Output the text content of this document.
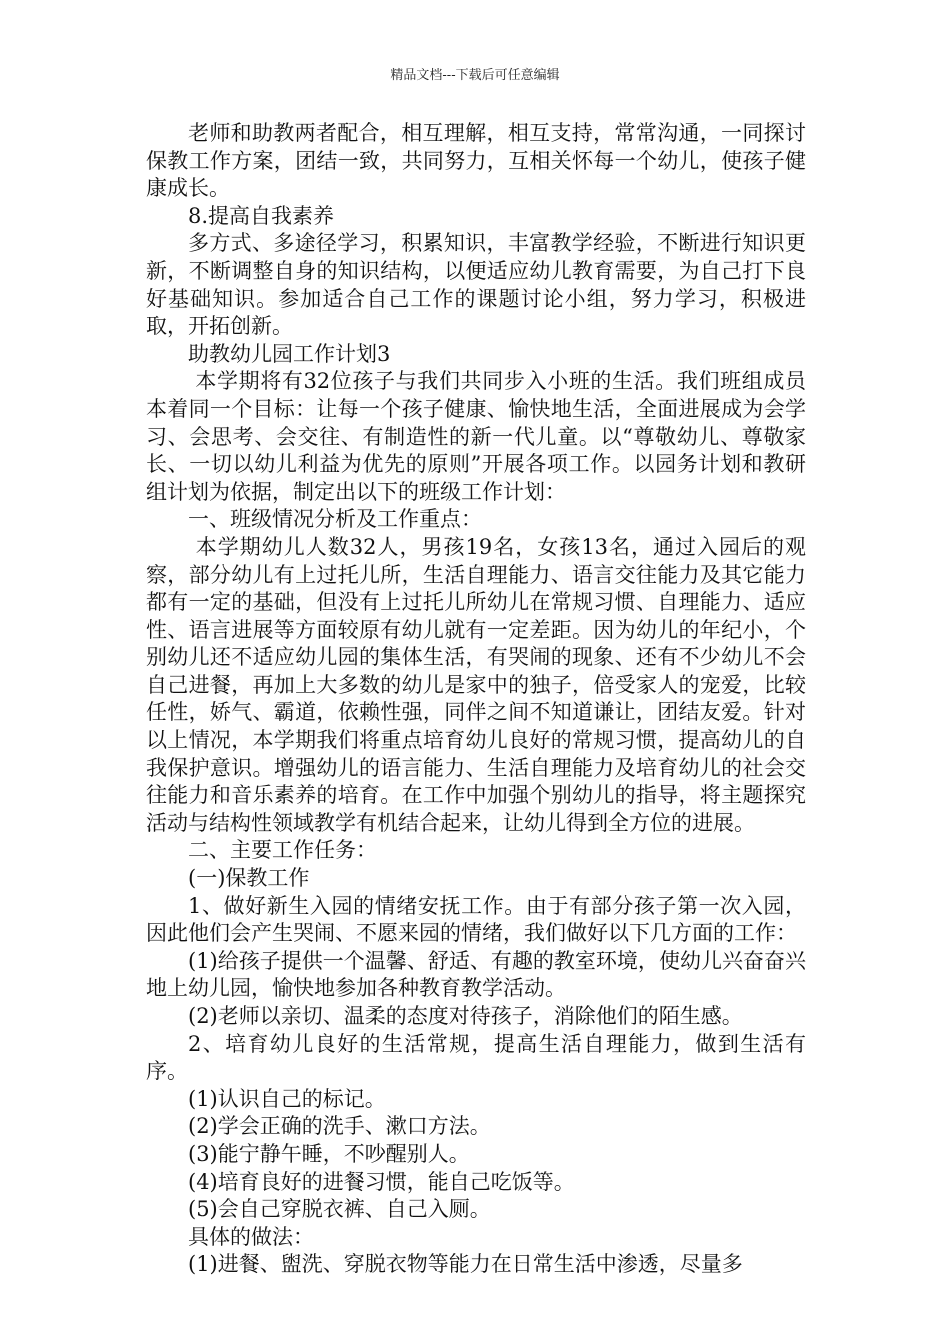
精品文档---下载后可任意编辑

老师和助教两者配合，相互理解，相互支持，常常沟通，一同探讨保教工作方案，团结一致，共同努力，互相关怀每一个幼儿，使孩子健康成长。

8.提高自我素养

多方式、多途径学习，积累知识，丰富教学经验，不断进行知识更新，不断调整自身的知识结构，以便适应幼儿教育需要，为自己打下良好基础知识。参加适合自己工作的课题讨论小组，努力学习，积极进取，开拓创新。

助教幼儿园工作计划3

本学期将有32位孩子与我们共同步入小班的生活。我们班组成员本着同一个目标：让每一个孩子健康、愉快地生活，全面进展成为会学习、会思考、会交往、有制造性的新一代儿童。以“尊敬幼儿、尊敬家长、一切以幼儿利益为优先的原则”开展各项工作。以园务计划和教研组计划为依据，制定出以下的班级工作计划：

一、班级情况分析及工作重点：

本学期幼儿人数32人，男孩19名，女孩13名，通过入园后的观察，部分幼儿有上过托儿所，生活自理能力、语言交往能力及其它能力都有一定的基础，但没有上过托儿所幼儿在常规习惯、自理能力、适应性、语言进展等方面较原有幼儿就有一定差距。因为幼儿的年纪小，个别幼儿还不适应幼儿园的集体生活，有哭闹的现象、还有不少幼儿不会自己进餐，再加上大多数的幼儿是家中的独子，倍受家人的宠爱，比较任性，娇气、霸道，依赖性强，同伴之间不知道谦让，团结友爱。针对以上情况，本学期我们将重点培育幼儿良好的常规习惯，提高幼儿的自我保护意识。增强幼儿的语言能力、生活自理能力及培育幼儿的社会交往能力和音乐素养的培育。在工作中加强个别幼儿的指导，将主题探究活动与结构性领域教学有机结合起来，让幼儿得到全方位的进展。

二、主要工作任务：

(一)保教工作

1、做好新生入园的情绪安抚工作。由于有部分孩子第一次入园，因此他们会产生哭闹、不愿来园的情绪，我们做好以下几方面的工作：

(1)给孩子提供一个温馨、舒适、有趣的教室环境，使幼儿兴奋奋兴地上幼儿园，愉快地参加各种教育教学活动。

(2)老师以亲切、温柔的态度对待孩子，消除他们的陌生感。

2、培育幼儿良好的生活常规，提高生活自理能力，做到生活有序。

(1)认识自己的标记。

(2)学会正确的洗手、漱口方法。

(3)能宁静午睡，不吵醒别人。

(4)培育良好的进餐习惯，能自己吃饭等。

(5)会自己穿脱衣裤、自己入厕。

具体的做法：

(1)进餐、盥洗、穿脱衣物等能力在日常生活中渗透，尽量多
